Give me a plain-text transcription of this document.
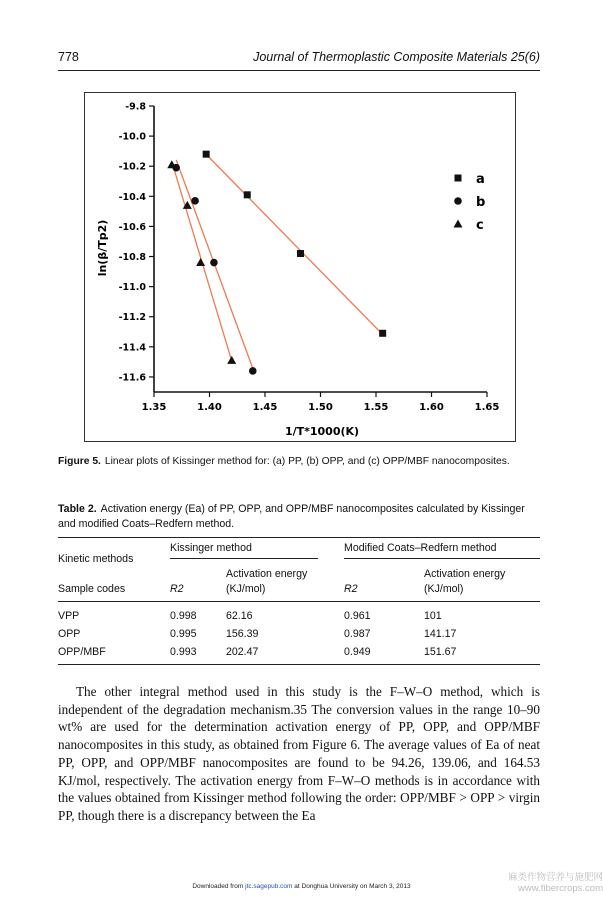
778	Journal of Thermoplastic Composite Materials 25(6)
1.35	1.40	1.45	1.50	1.55	1.60	1.65
-9.8
-10.0
-10.2
-10.4
-10.6
-10.8
-11.0
-11.2
-11.4
-11.6
1/T*1000(K)
ln(β/Tp2)
a
b
c
Figure 5. Linear plots of Kissinger method for: (a) PP, (b) OPP, and (c) OPP/MBF nanocomposites.
Table 2. Activation energy (Ea) of PP, OPP, and OPP/MBF nanocomposites calculated by Kissinger and modified Coats–Redfern method.
Kinetic methods
Kissinger method	Modified Coats–Redfern method
Activation energy	Activation energy
Sample codes	R2	(KJ/mol)	R2	(KJ/mol)
VPP	0.998	62.16	0.961	101
OPP	0.995	156.39	0.987	141.17
OPP/MBF	0.993	202.47	0.949	151.67

The other integral method used in this study is the F–W–O method, which is independent of the degradation mechanism.35 The conversion values in the range 10–90 wt% are used for the determination activation energy of PP, OPP, and OPP/MBF nanocomposites in this study, as obtained from Figure 6. The average values of Ea of neat PP, OPP, and OPP/MBF nanocomposites are found to be 94.26, 139.06, and 164.53 KJ/mol, respectively. The activation energy from F–W–O methods is in accordance with the values obtained from Kissinger method following the order: OPP/MBF > OPP > virgin PP, though there is a discrepancy between the Ea

Downloaded from jtc.sagepub.com at Donghua University on March 3, 2013
麻类作物营养与施肥网
www.fibercrops.com
